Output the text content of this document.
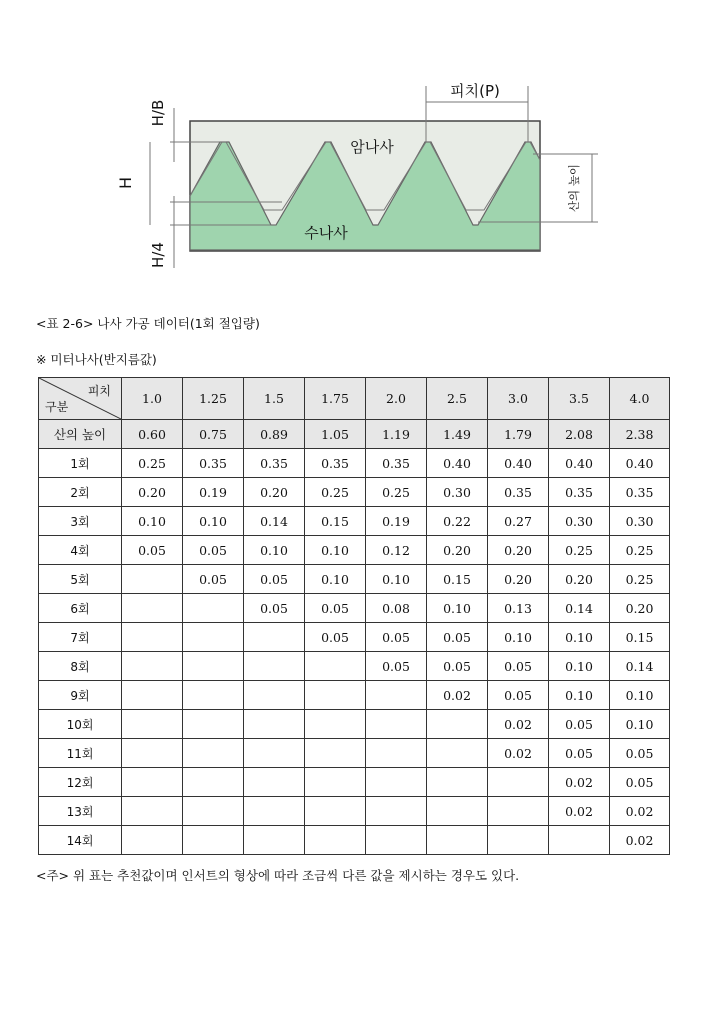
H/B
H
H/4
피치(P)
암나사
수나사
산의 높이
<표 2-6> 나사 가공 데이터(1회 절입량)
※ 미터나사(반지름값)
피치
구분	1.0	1.25	1.5	1.75	2.0	2.5	3.0	3.5	4.0
산의 높이	0.60	0.75	0.89	1.05	1.19	1.49	1.79	2.08	2.38
1회	0.25	0.35	0.35	0.35	0.35	0.40	0.40	0.40	0.40
2회	0.20	0.19	0.20	0.25	0.25	0.30	0.35	0.35	0.35
3회	0.10	0.10	0.14	0.15	0.19	0.22	0.27	0.30	0.30
4회	0.05	0.05	0.10	0.10	0.12	0.20	0.20	0.25	0.25
5회		0.05	0.05	0.10	0.10	0.15	0.20	0.20	0.25
6회			0.05	0.05	0.08	0.10	0.13	0.14	0.20
7회				0.05	0.05	0.05	0.10	0.10	0.15
8회					0.05	0.05	0.05	0.10	0.14
9회						0.02	0.05	0.10	0.10
10회							0.02	0.05	0.10
11회							0.02	0.05	0.05
12회								0.02	0.05
13회								0.02	0.02
14회									0.02
<주> 위 표는 추천값이며 인서트의 형상에 따라 조금씩 다른 값을 제시하는 경우도 있다.
